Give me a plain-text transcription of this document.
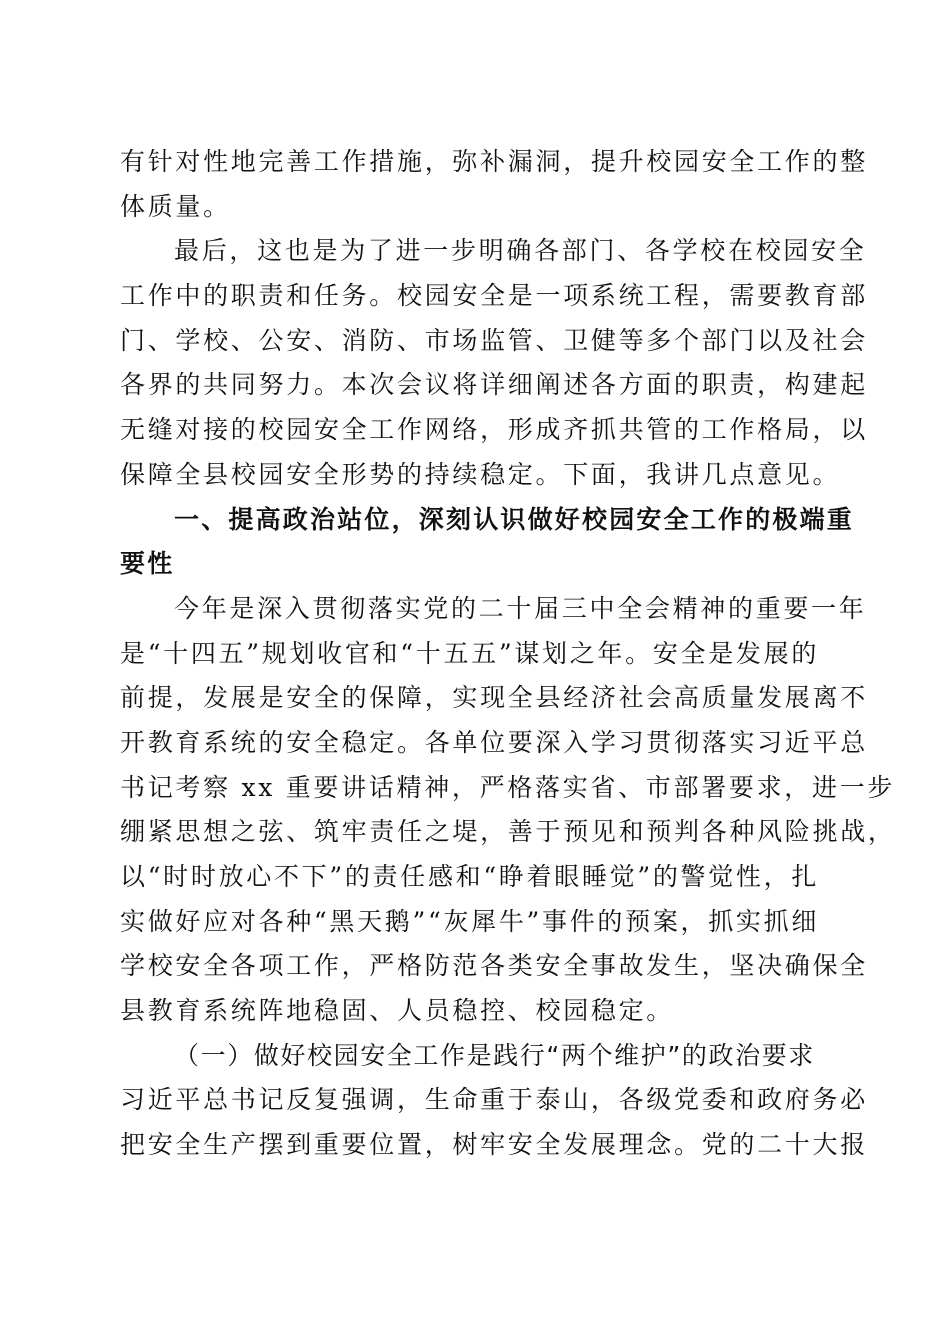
有针对性地完善工作措施，弥补漏洞，提升校园安全工作的整
体质量。
最后，这也是为了进一步明确各部门、各学校在校园安全
工作中的职责和任务。校园安全是一项系统工程，需要教育部
门、学校、公安、消防、市场监管、卫健等多个部门以及社会
各界的共同努力。本次会议将详细阐述各方面的职责，构建起
无缝对接的校园安全工作网络，形成齐抓共管的工作格局，以
保障全县校园安全形势的持续稳定。下面，我讲几点意见。
一、提高政治站位，深刻认识做好校园安全工作的极端重
要性
今年是深入贯彻落实党的二十届三中全会精神的重要一年
是“十四五”规划收官和“十五五”谋划之年。安全是发展的
前提，发展是安全的保障，实现全县经济社会高质量发展离不
开教育系统的安全稳定。各单位要深入学习贯彻落实习近平总
书记考察 xx 重要讲话精神，严格落实省、市部署要求，进一步
绷紧思想之弦、筑牢责任之堤，善于预见和预判各种风险挑战，
以“时时放心不下”的责任感和“睁着眼睡觉”的警觉性，扎
实做好应对各种“黑天鹅”“灰犀牛”事件的预案，抓实抓细
学校安全各项工作，严格防范各类安全事故发生，坚决确保全
县教育系统阵地稳固、人员稳控、校园稳定。
（一）做好校园安全工作是践行“两个维护”的政治要求
习近平总书记反复强调，生命重于泰山，各级党委和政府务必
把安全生产摆到重要位置，树牢安全发展理念。党的二十大报
